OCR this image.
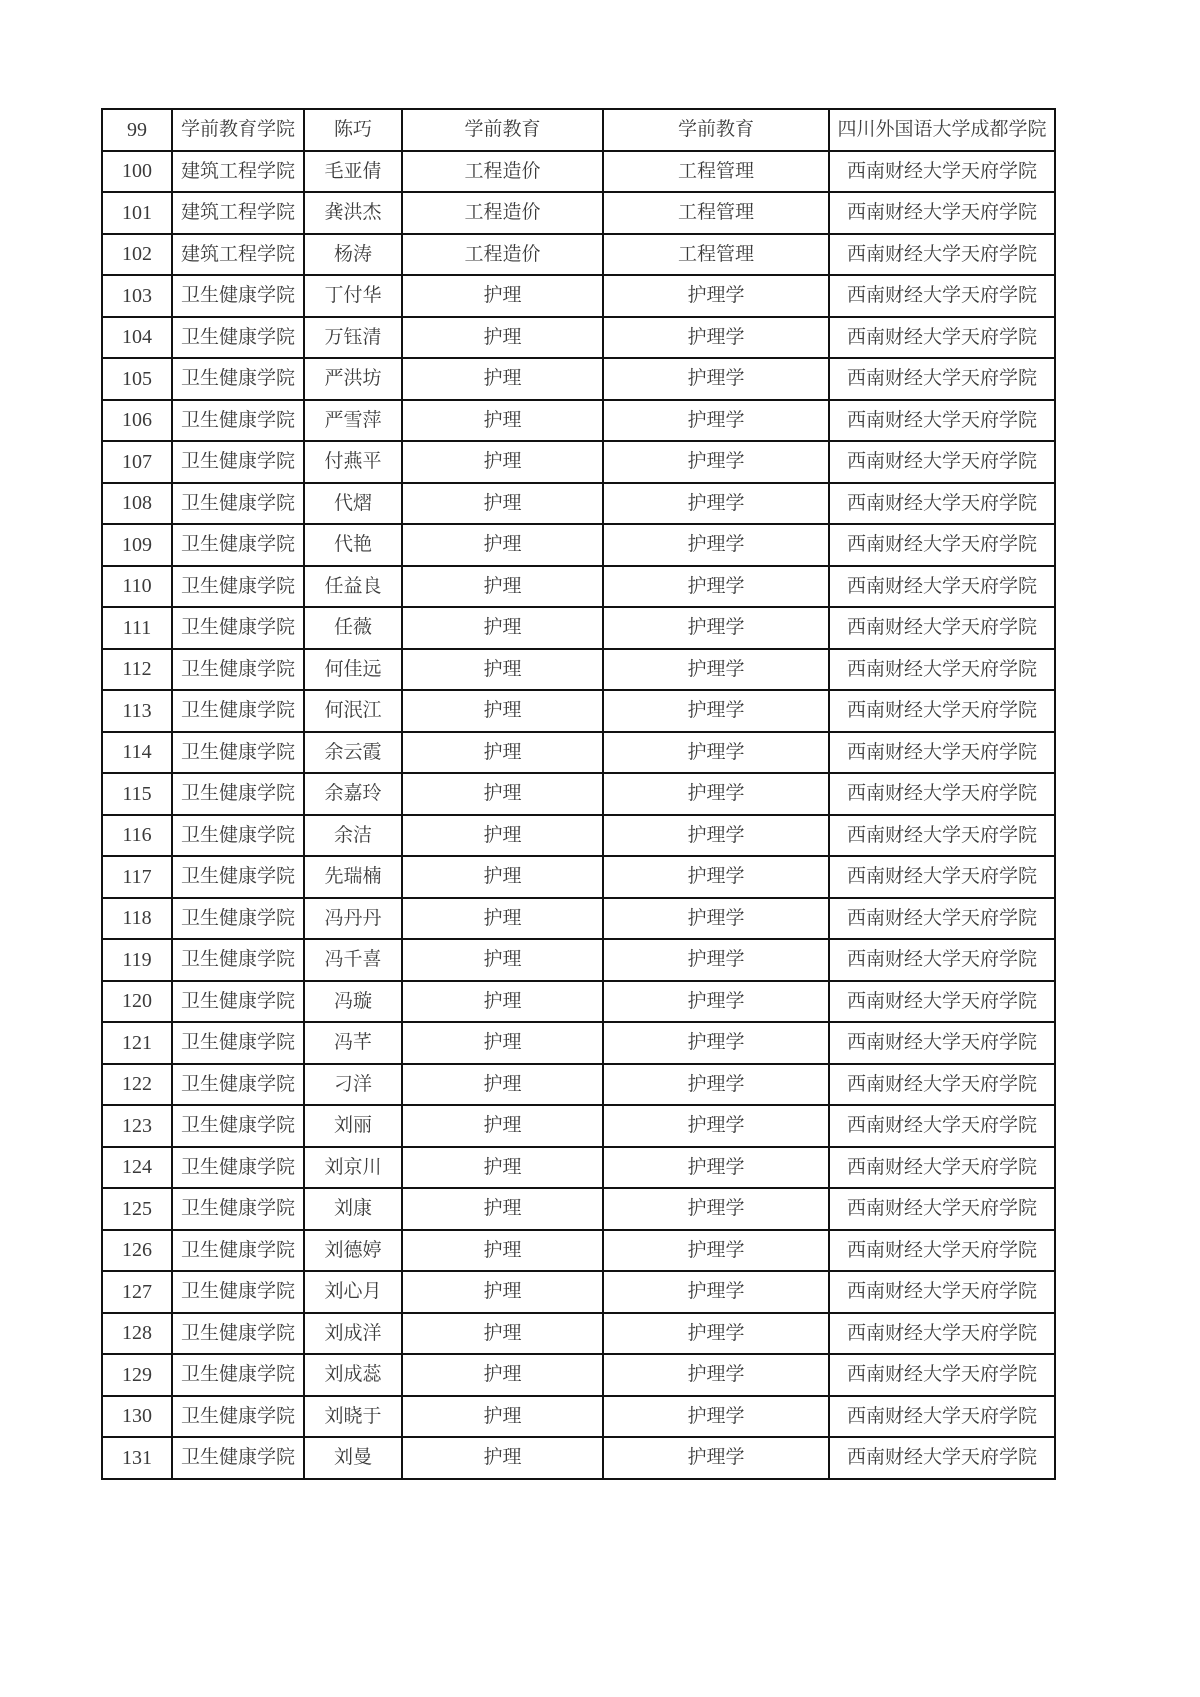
99	学前教育学院	陈巧	学前教育	学前教育	四川外国语大学成都学院
100	建筑工程学院	毛亚倩	工程造价	工程管理	西南财经大学天府学院
101	建筑工程学院	龚洪杰	工程造价	工程管理	西南财经大学天府学院
102	建筑工程学院	杨涛	工程造价	工程管理	西南财经大学天府学院
103	卫生健康学院	丁付华	护理	护理学	西南财经大学天府学院
104	卫生健康学院	万钰清	护理	护理学	西南财经大学天府学院
105	卫生健康学院	严洪坊	护理	护理学	西南财经大学天府学院
106	卫生健康学院	严雪萍	护理	护理学	西南财经大学天府学院
107	卫生健康学院	付燕平	护理	护理学	西南财经大学天府学院
108	卫生健康学院	代熠	护理	护理学	西南财经大学天府学院
109	卫生健康学院	代艳	护理	护理学	西南财经大学天府学院
110	卫生健康学院	任益良	护理	护理学	西南财经大学天府学院
111	卫生健康学院	任薇	护理	护理学	西南财经大学天府学院
112	卫生健康学院	何佳远	护理	护理学	西南财经大学天府学院
113	卫生健康学院	何泯江	护理	护理学	西南财经大学天府学院
114	卫生健康学院	余云霞	护理	护理学	西南财经大学天府学院
115	卫生健康学院	余嘉玲	护理	护理学	西南财经大学天府学院
116	卫生健康学院	余洁	护理	护理学	西南财经大学天府学院
117	卫生健康学院	先瑞楠	护理	护理学	西南财经大学天府学院
118	卫生健康学院	冯丹丹	护理	护理学	西南财经大学天府学院
119	卫生健康学院	冯千喜	护理	护理学	西南财经大学天府学院
120	卫生健康学院	冯璇	护理	护理学	西南财经大学天府学院
121	卫生健康学院	冯芊	护理	护理学	西南财经大学天府学院
122	卫生健康学院	刁洋	护理	护理学	西南财经大学天府学院
123	卫生健康学院	刘丽	护理	护理学	西南财经大学天府学院
124	卫生健康学院	刘京川	护理	护理学	西南财经大学天府学院
125	卫生健康学院	刘康	护理	护理学	西南财经大学天府学院
126	卫生健康学院	刘德婷	护理	护理学	西南财经大学天府学院
127	卫生健康学院	刘心月	护理	护理学	西南财经大学天府学院
128	卫生健康学院	刘成洋	护理	护理学	西南财经大学天府学院
129	卫生健康学院	刘成蕊	护理	护理学	西南财经大学天府学院
130	卫生健康学院	刘晓于	护理	护理学	西南财经大学天府学院
131	卫生健康学院	刘曼	护理	护理学	西南财经大学天府学院
